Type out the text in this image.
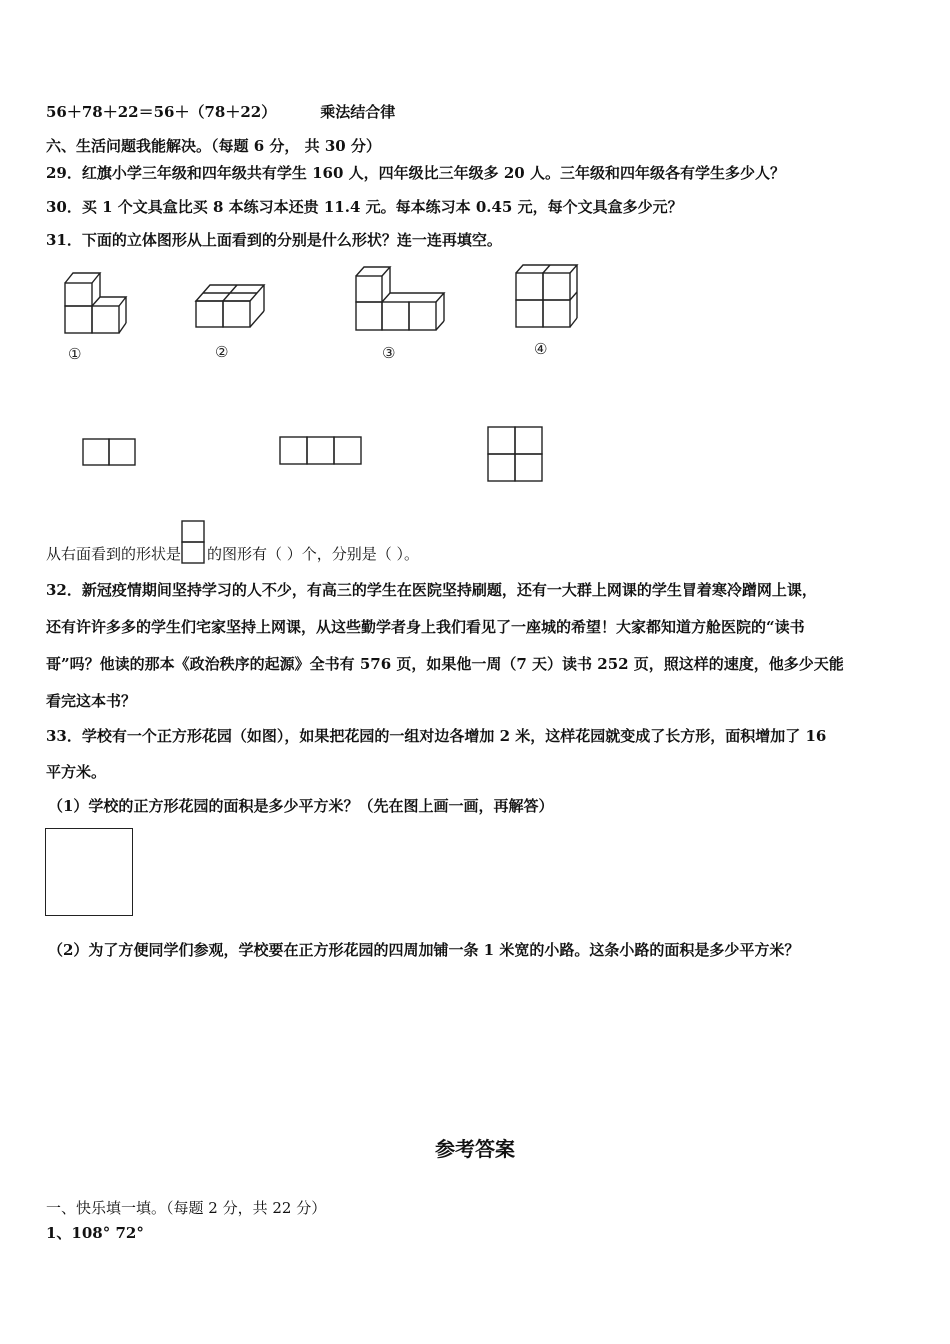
56＋78＋22＝56＋（78＋22）	乘法结合律
六、生活问题我能解决。（每题 6 分， 共 30 分）
29．红旗小学三年级和四年级共有学生 160 人，四年级比三年级多 20 人。三年级和四年级各有学生多少人？
30．买 1 个文具盒比买 8 本练习本还贵 11.4 元。每本练习本 0.45 元，每个文具盒多少元？
31．下面的立体图形从上面看到的分别是什么形状？连一连再填空。
①	②	③	④
从右面看到的形状是 的图形有（ ）个，分别是（ ）。
32．新冠疫情期间坚持学习的人不少，有高三的学生在医院坚持刷题，还有一大群上网课的学生冒着寒冷蹭网上课，
还有许许多多的学生们宅家坚持上网课，从这些勤学者身上我们看见了一座城的希望！大家都知道方舱医院的“读书
哥”吗？他读的那本《政治秩序的起源》全书有 576 页，如果他一周（7 天）读书 252 页，照这样的速度，他多少天能
看完这本书？
33．学校有一个正方形花园（如图），如果把花园的一组对边各增加 2 米，这样花园就变成了长方形，面积增加了 16
平方米。
（1）学校的正方形花园的面积是多少平方米？（先在图上画一画，再解答）
（2）为了方便同学们参观，学校要在正方形花园的四周加铺一条 1 米宽的小路。这条小路的面积是多少平方米？
参考答案
一、快乐填一填。（每题 2 分，共 22 分）
1、108° 72°
